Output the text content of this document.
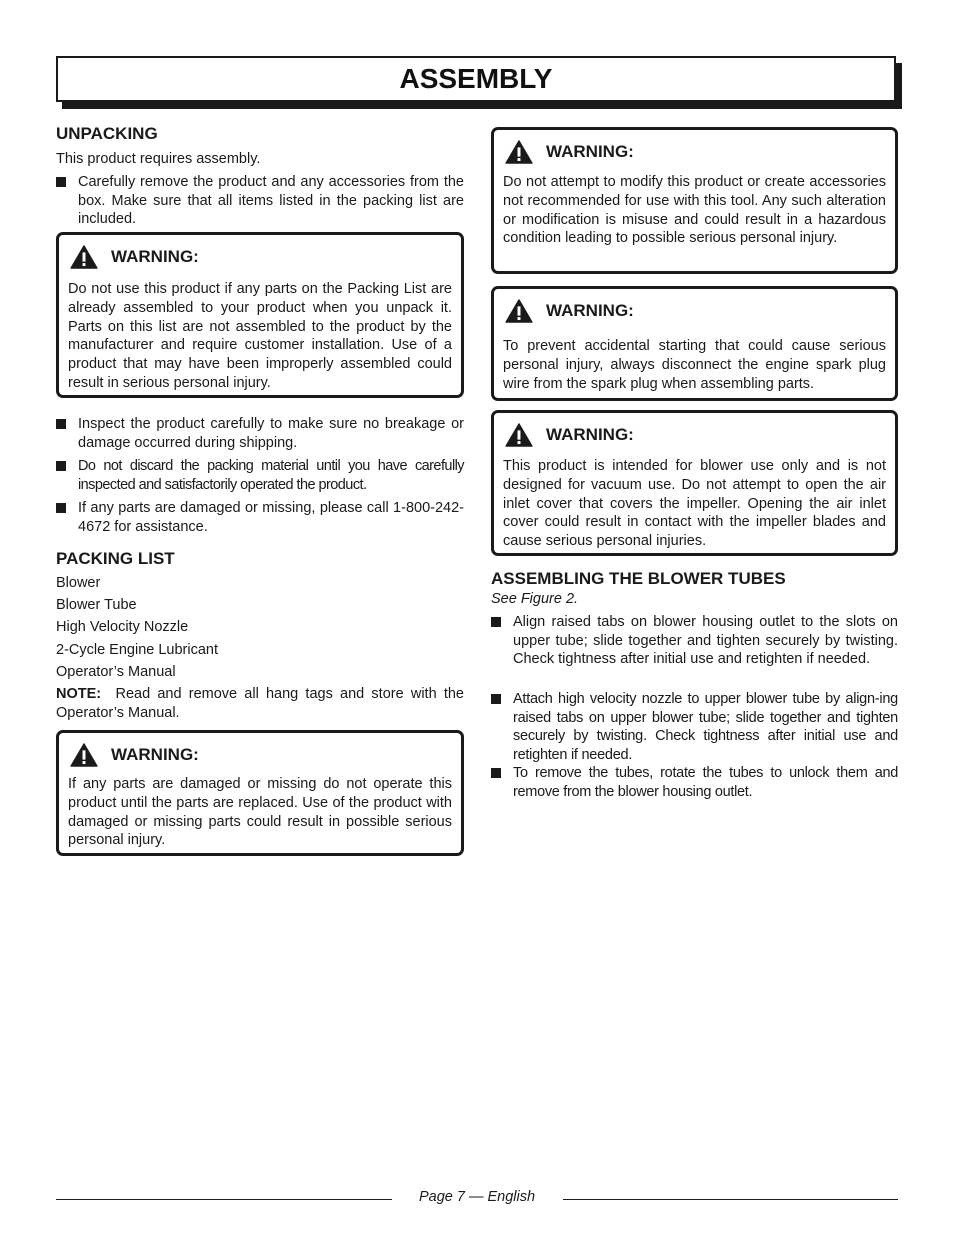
ASSEMBLY
UNPACKING

This product requires assembly.

Carefully remove the product and any accessories from the box. Make sure that all items listed in the packing list are included.
WARNING:
Do not use this product if any parts on the Packing List are already assembled to your product when you unpack it. Parts on this list are not assembled to the product by the manufacturer and require customer installation. Use of a product that may have been improperly assembled could result in serious personal injury.
Inspect the product carefully to make sure no breakage or damage occurred during shipping.
Do not discard the packing material until you have carefully inspected and satisfactorily operated the product.
If any parts are damaged or missing, please call 1-800-242-4672 for assistance.
PACKING LIST
Blower
Blower Tube
High Velocity Nozzle
2-Cycle Engine Lubricant
Operator’s Manual

NOTE: Read and remove all hang tags and store with the Operator’s Manual.

WARNING:
If any parts are damaged or missing do not operate this product until the parts are replaced. Use of the product with damaged or missing parts could result in possible serious personal injury.
WARNING:
Do not attempt to modify this product or create accessories not recommended for use with this tool. Any such alteration or modification is misuse and could result in a hazardous condition leading to possible serious personal injury.
WARNING:
To prevent accidental starting that could cause serious personal injury, always disconnect the engine spark plug wire from the spark plug when assembling parts.
WARNING:
This product is intended for blower use only and is not designed for vacuum use. Do not attempt to open the air inlet cover that covers the impeller. Opening the air inlet cover could result in contact with the impeller blades and cause serious personal injuries.
ASSEMBLING THE BLOWER TUBES

See Figure 2.

Align raised tabs on blower housing outlet to the slots on upper tube; slide together and tighten securely by twisting. Check tightness after initial use and retighten if needed.
Attach high velocity nozzle to upper blower tube by align-ing raised tabs on upper blower tube; slide together and tighten securely by twisting. Check tightness after initial use and retighten if needed.
To remove the tubes, rotate the tubes to unlock them and remove from the blower housing outlet.
Page 7 — English
